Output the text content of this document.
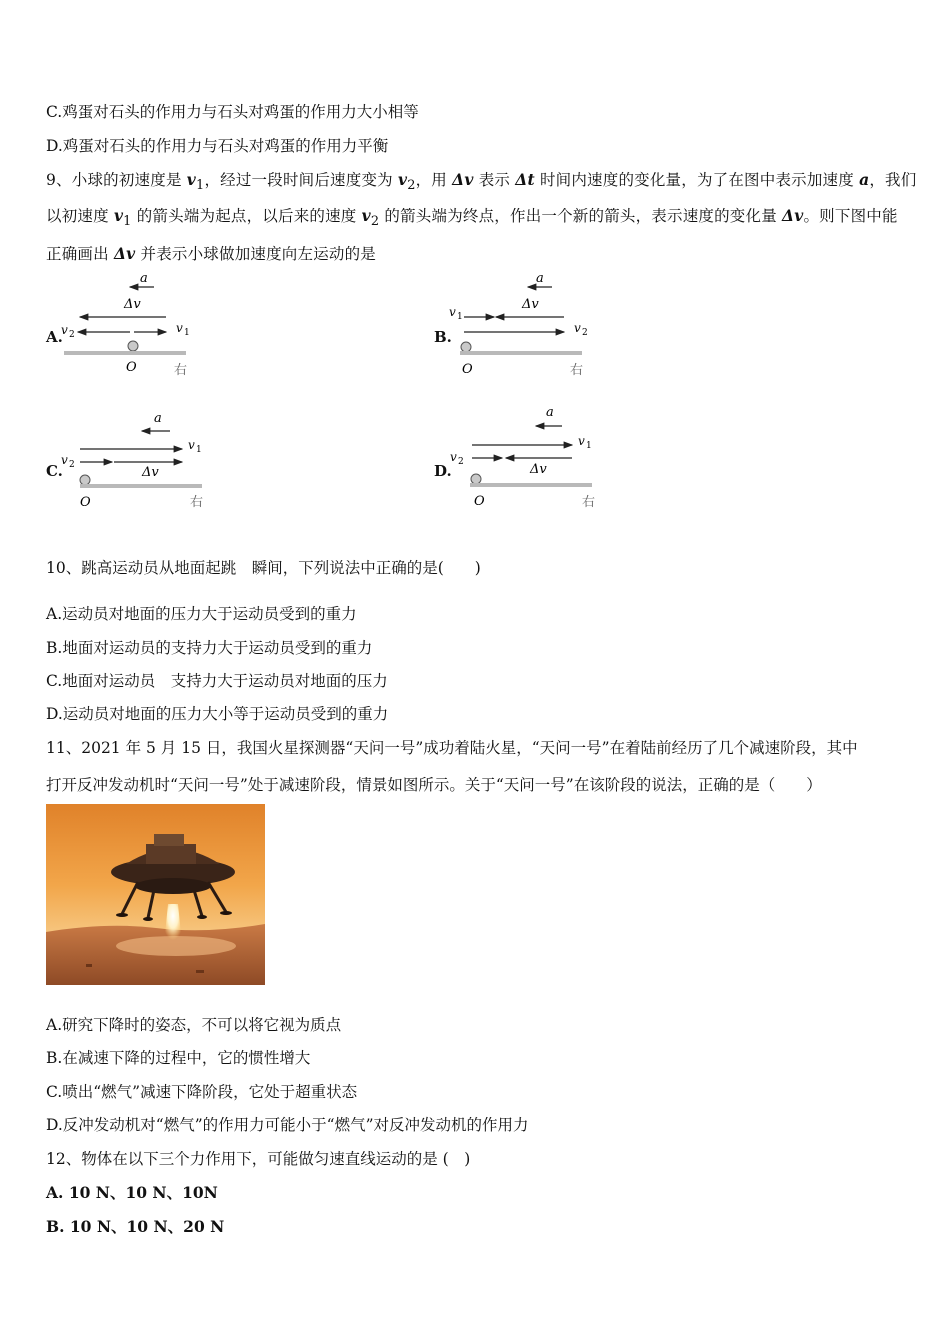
C.鸡蛋对石头的作用力与石头对鸡蛋的作用力大小相等
D.鸡蛋对石头的作用力与石头对鸡蛋的作用力平衡
9、小球的初速度是 $v_1$，经过一段时间后速度变为 $v_2$，用 Δv 表示 Δt 时间内速度的变化量，为了在图中表示加速度 a，我们
以初速度 $v_1$ 的箭头端为起点，以后来的速度 $v_2$ 的箭头端为终点，作出一个新的箭头，表示速度的变化量 Δv。则下图中能
正确画出 Δv 并表示小球做加速度向左运动的是
A.	B.
C.	D.
a
Δv
v 2	v 1
O	右
a
Δv
v 1
v 2
O	右
a
v 1
v 2	Δv
O	右
a
v 1
v 2	Δv
O	右
10、跳高运动员从地面起跳　瞬间，下列说法中正确的是(　　)
A.运动员对地面的压力大于运动员受到的重力
B.地面对运动员的支持力大于运动员受到的重力
C.地面对运动员　支持力大于运动员对地面的压力
D.运动员对地面的压力大小等于运动员受到的重力
11、2021 年 5 月 15 日，我国火星探测器“天问一号”成功着陆火星，“天问一号”在着陆前经历了几个减速阶段，其中
打开反冲发动机时“天问一号”处于减速阶段，情景如图所示。关于“天问一号”在该阶段的说法，正确的是（　　）
A.研究下降时的姿态，不可以将它视为质点
B.在减速下降的过程中，它的惯性增大
C.喷出“燃气”减速下降阶段，它处于超重状态
D.反冲发动机对“燃气”的作用力可能小于“燃气”对反冲发动机的作用力
12、物体在以下三个力作用下，可能做匀速直线运动的是 (　)
A. 10 N、10 N、10N
B. 10 N、10 N、20 N
